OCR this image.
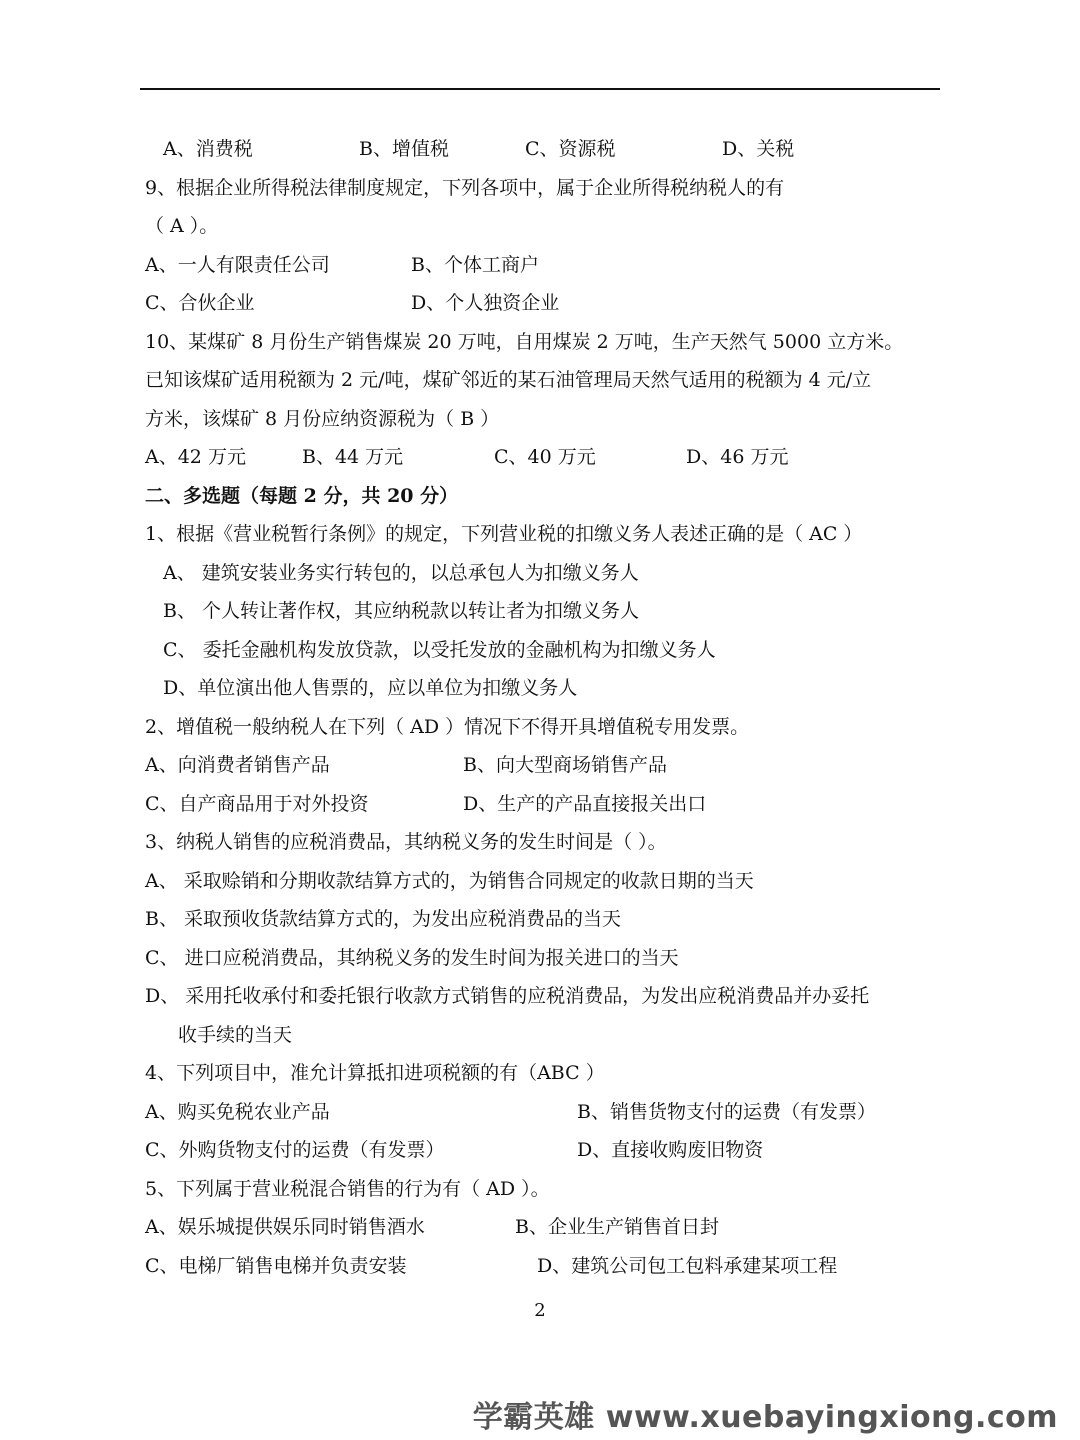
A、消费税	B、增值税	C、资源税	D、关税
9、根据企业所得税法律制度规定，下列各项中，属于企业所得税纳税人的有
（ A ）。
A、一人有限责任公司	B、个体工商户
C、合伙企业	D、个人独资企业
10、某煤矿 8 月份生产销售煤炭 20 万吨，自用煤炭 2 万吨，生产天然气 5000 立方米。
已知该煤矿适用税额为 2 元/吨，煤矿邻近的某石油管理局天然气适用的税额为 4 元/立
方米，该煤矿 8 月份应纳资源税为（ B ）
A、42 万元	B、44 万元	C、40 万元	D、46 万元
二、多选题（每题 2 分，共 20 分）
1、根据《营业税暂行条例》的规定，下列营业税的扣缴义务人表述正确的是（ AC ）
A、 建筑安装业务实行转包的，以总承包人为扣缴义务人
B、 个人转让著作权，其应纳税款以转让者为扣缴义务人
C、 委托金融机构发放贷款，以受托发放的金融机构为扣缴义务人
D、单位演出他人售票的，应以单位为扣缴义务人
2、增值税一般纳税人在下列（ AD ）情况下不得开具增值税专用发票。
A、向消费者销售产品	B、向大型商场销售产品
C、自产商品用于对外投资	D、生产的产品直接报关出口
3、纳税人销售的应税消费品，其纳税义务的发生时间是（ ）。
A、 采取赊销和分期收款结算方式的，为销售合同规定的收款日期的当天
B、 采取预收货款结算方式的，为发出应税消费品的当天
C、 进口应税消费品，其纳税义务的发生时间为报关进口的当天
D、 采用托收承付和委托银行收款方式销售的应税消费品，为发出应税消费品并办妥托
收手续的当天
4、下列项目中，准允计算抵扣进项税额的有（ABC ）
A、购买免税农业产品	B、销售货物支付的运费（有发票）
C、外购货物支付的运费（有发票）	D、直接收购废旧物资
5、下列属于营业税混合销售的行为有（ AD ）。
A、娱乐城提供娱乐同时销售酒水	B、企业生产销售首日封
C、电梯厂销售电梯并负责安装	D、建筑公司包工包料承建某项工程
2
学霸英雄 www.xuebayingxiong.com
